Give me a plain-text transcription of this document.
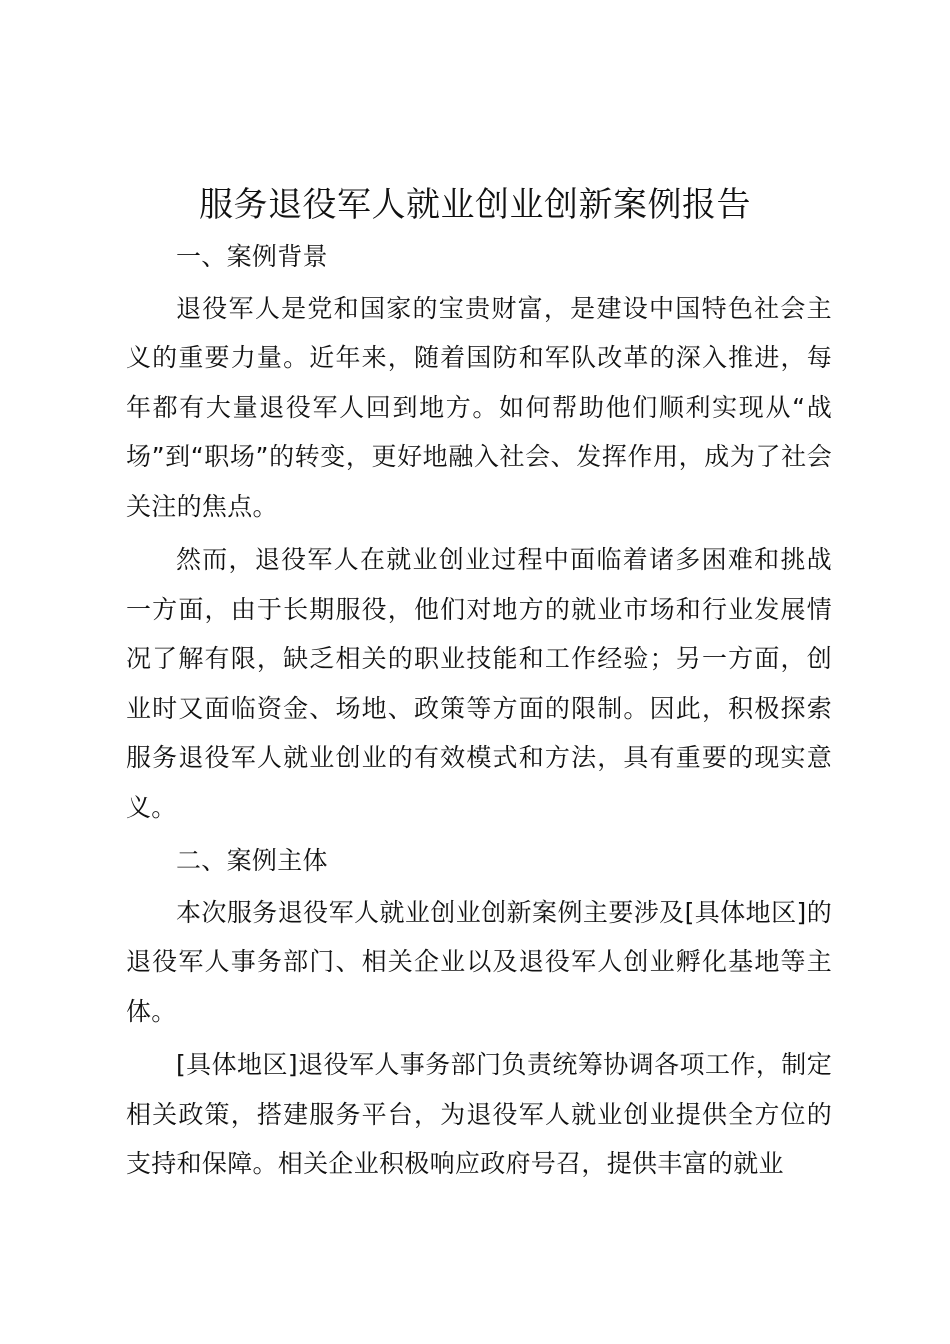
服务退役军人就业创业创新案例报告
一、案例背景

退役军人是党和国家的宝贵财富，是建设中国特色社会主义的重要力量。近年来，随着国防和军队改革的深入推进，每年都有大量退役军人回到地方。如何帮助他们顺利实现从“战场”到“职场”的转变，更好地融入社会、发挥作用，成为了社会关注的焦点。

然而，退役军人在就业创业过程中面临着诸多困难和挑战一方面，由于长期服役，他们对地方的就业市场和行业发展情况了解有限，缺乏相关的职业技能和工作经验；另一方面，创业时又面临资金、场地、政策等方面的限制。因此，积极探索服务退役军人就业创业的有效模式和方法，具有重要的现实意义。

二、案例主体

本次服务退役军人就业创业创新案例主要涉及[具体地区]的退役军人事务部门、相关企业以及退役军人创业孵化基地等主体。

[具体地区]退役军人事务部门负责统筹协调各项工作，制定相关政策，搭建服务平台，为退役军人就业创业提供全方位的支持和保障。相关企业积极响应政府号召，提供丰富的就业
